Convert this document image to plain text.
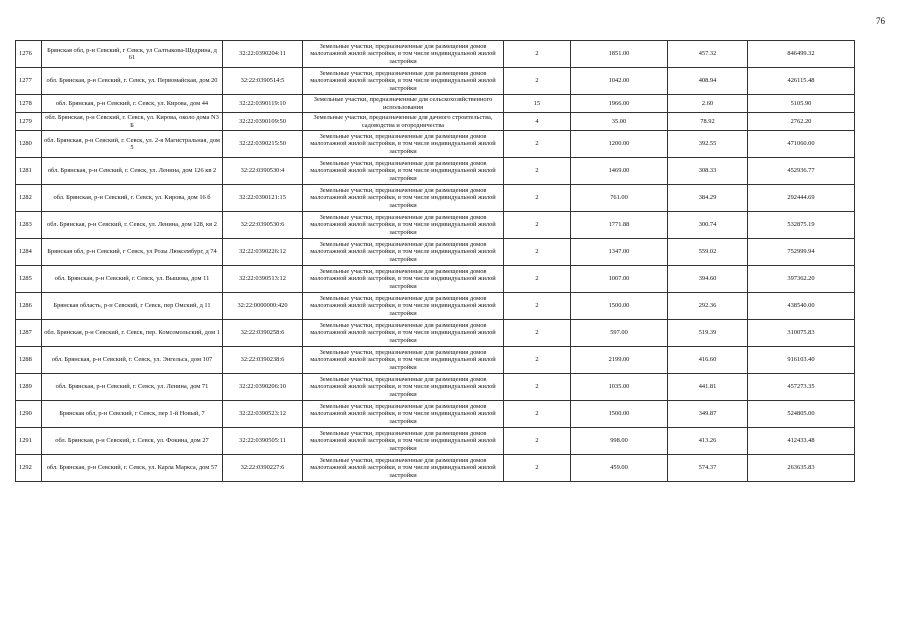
76
1276	Брянская обл, р-н Севский, г Севск, ул Салтыкова-Щедрина, д 61	32:22:0390204:11	Земельные участки, предназначенные для размещения домов малоэтажной жилой застройки, в том числе индивидуальной жилой застройки	2	1851.00	457.32	846499.32
1277	обл. Брянская, р-н Севский, г. Севск, ул. Первомайская, дом 20	32:22:0390514:5	Земельные участки, предназначенные для размещения домов малоэтажной жилой застройки, в том числе индивидуальной жилой застройки	2	1042.00	408.94	426115.48
1278	обл. Брянская, р-н Севский, г. Севск, ул. Кирова, дом 44	32:22:0390119:10	Земельные участки, предназначенные для сельскохозяйственного использования	15	1966.00	2.60	5105.90
1279	обл. Брянская, р-н Севский, г. Севск, ул. Кирова, около дома N3 Б	32:22:0390109:50	Земельные участки, предназначенные для дачного строительства, садоводства и огородничества	4	35.00	78.92	2762.20
1280	обл. Брянская, р-н Севский, г. Севск, ул. 2-я Магистральная, дом 5	32:22:0390215:50	Земельные участки, предназначенные для размещения домов малоэтажной жилой застройки, в том числе индивидуальной жилой застройки	2	1200.00	392.55	471060.00
1281	обл. Брянская, р-н Севский, г. Севск, ул. Ленина, дом 126 кв 2	32:22:0390530:4	Земельные участки, предназначенные для размещения домов малоэтажной жилой застройки, в том числе индивидуальной жилой застройки	2	1469.00	308.33	452936.77
1282	обл. Брянская, р-н Севский, г. Севск, ул. Кирова, дом 16 б	32:22:0390121:15	Земельные участки, предназначенные для размещения домов малоэтажной жилой застройки, в том числе индивидуальной жилой застройки	2	761.00	384.29	292444.69
1283	обл. Брянская, р-н Севский, г. Севск, ул. Ленина, дом 128, кв 2	32:22:0390530:6	Земельные участки, предназначенные для размещения домов малоэтажной жилой застройки, в том числе индивидуальной жилой застройки	2	1771.88	300.74	532875.19
1284	Брянская обл, р-н Севский, г Севск, ул Розы Люксембург, д 74	32:22:0390226:12	Земельные участки, предназначенные для размещения домов малоэтажной жилой застройки, в том числе индивидуальной жилой застройки	2	1347.00	559.02	752999.94
1285	обл. Брянская, р-н Севский, г. Севск, ул. Вышова, дом 11	32:22:0390513:12	Земельные участки, предназначенные для размещения домов малоэтажной жилой застройки, в том числе индивидуальной жилой застройки	2	1007.00	394.60	397362.20
1286	Брянская область, р-н Севский, г Севск, пер Омский, д 11	32:22:0000000:420	Земельные участки, предназначенные для размещения домов малоэтажной жилой застройки, в том числе индивидуальной жилой застройки	2	1500.00	292.36	438540.00
1287	обл. Брянская, р-н Севский, г. Севск, пер. Комсомольский, дом 1	32:22:0390258:6	Земельные участки, предназначенные для размещения домов малоэтажной жилой застройки, в том числе индивидуальной жилой застройки	2	597.00	519.39	310075.83
1288	обл. Брянская, р-н Севский, г. Севск, ул. Энгельса, дом 107	32:22:0390238:6	Земельные участки, предназначенные для размещения домов малоэтажной жилой застройки, в том числе индивидуальной жилой застройки	2	2199.00	416.60	916103.40
1289	обл. Брянская, р-н Севский, г. Севск, ул. Ленина, дом 71	32:22:0390206:10	Земельные участки, предназначенные для размещения домов малоэтажной жилой застройки, в том числе индивидуальной жилой застройки	2	1035.00	441.81	457273.35
1290	Брянская обл, р-н Севский, г Севск, пер 1-й Новый, 7	32:22:0390523:12	Земельные участки, предназначенные для размещения домов малоэтажной жилой застройки, в том числе индивидуальной жилой застройки	2	1500.00	349.87	524805.00
1291	обл. Брянская, р-н Севский, г. Севск, ул. Фокина, дом 27	32:22:0390505:11	Земельные участки, предназначенные для размещения домов малоэтажной жилой застройки, в том числе индивидуальной жилой застройки	2	998.00	413.26	412433.48
1292	обл. Брянская, р-н Севский, г. Севск, ул. Карла Маркса, дом 57	32:22:0390227:6	Земельные участки, предназначенные для размещения домов малоэтажной жилой застройки, в том числе индивидуальной жилой застройки	2	459.00	574.37	263635.83
